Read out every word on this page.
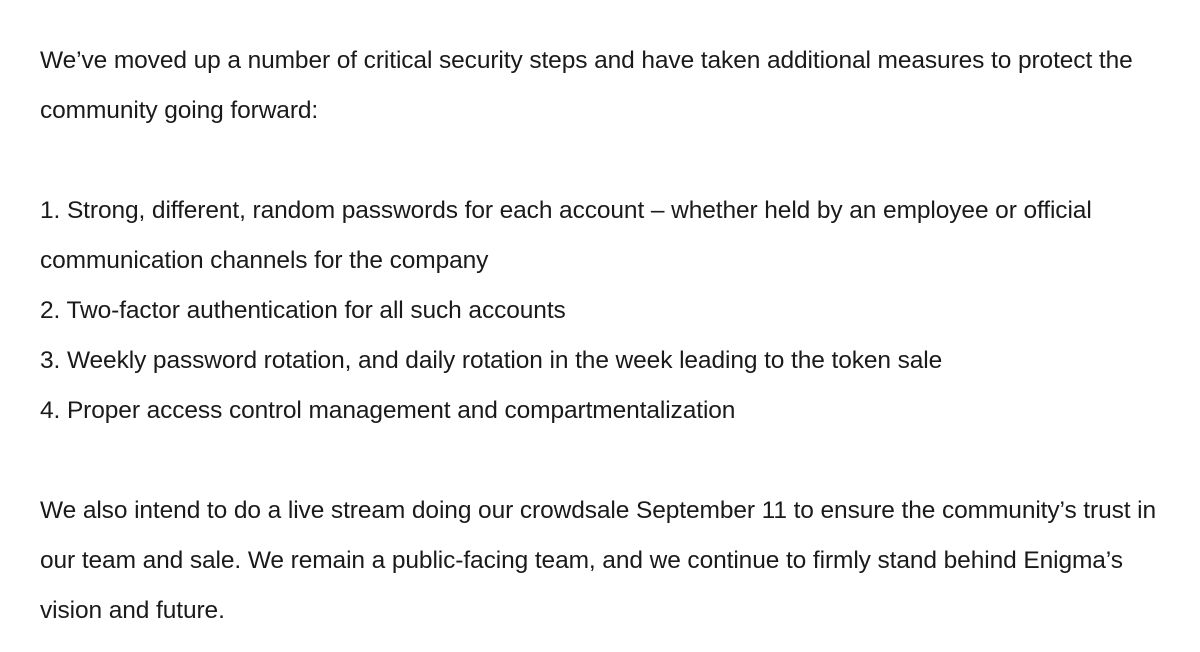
We’ve moved up a number of critical security steps and have taken additional measures to protect the community going forward:

1. Strong, different, random passwords for each account – whether held by an employee or official communication channels for the company

2. Two-factor authentication for all such accounts

3. Weekly password rotation, and daily rotation in the week leading to the token sale

4. Proper access control management and compartmentalization

We also intend to do a live stream doing our crowdsale September 11 to ensure the community’s trust in our team and sale. We remain a public-facing team, and we continue to firmly stand behind Enigma’s vision and future.
